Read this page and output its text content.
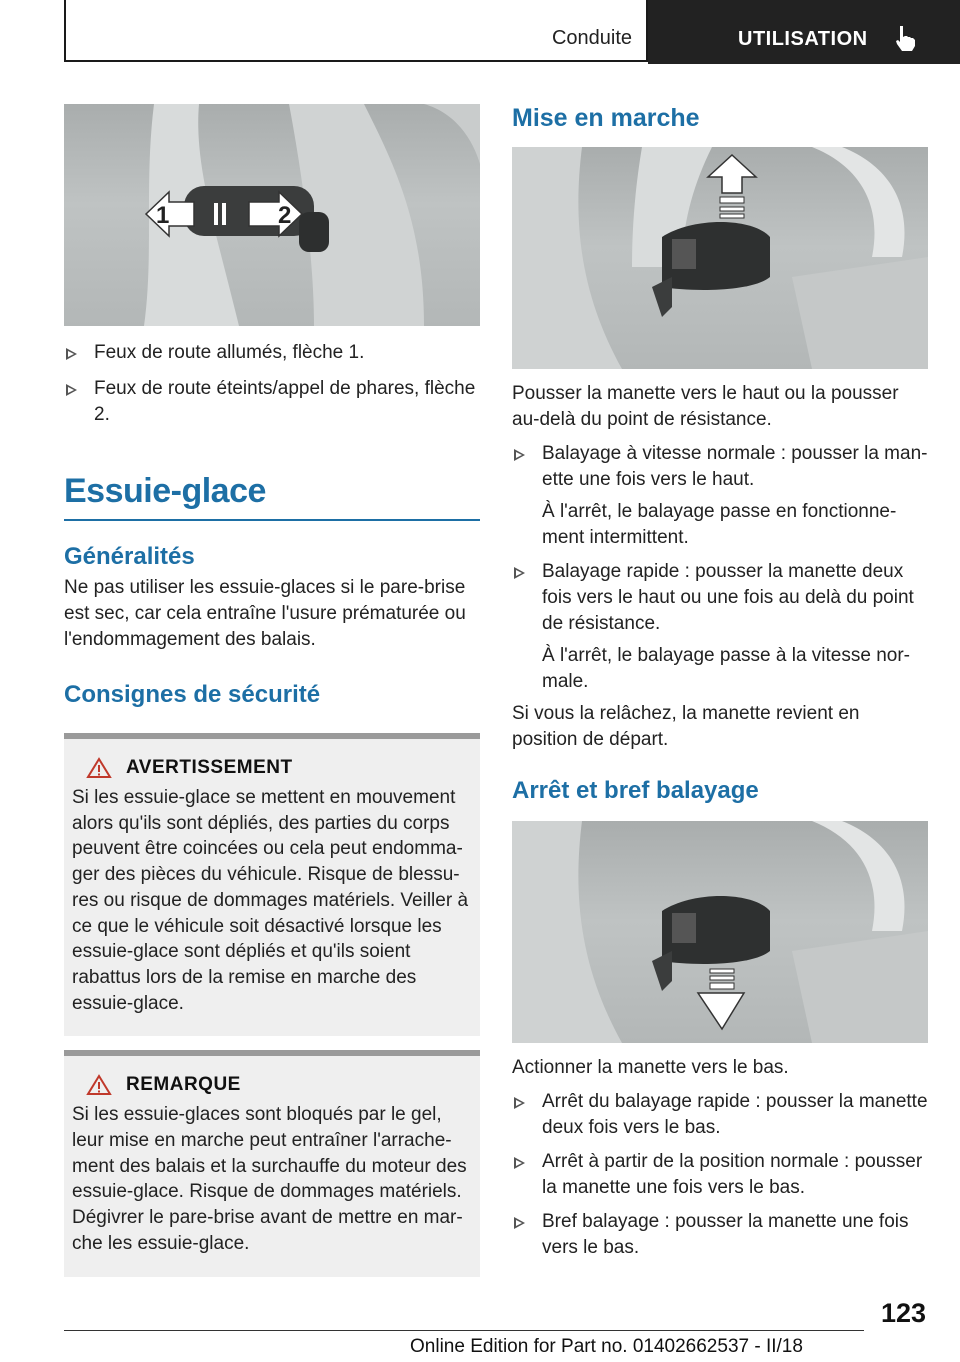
Conduite	UTILISATION
1	2
Feux de route allumés, flèche 1.
Feux de route éteints/appel de phares, flèche 2.
Essuie-glace
Généralités

Ne pas utiliser les essuie-glaces si le pare-brise est sec, car cela entraîne l'usure prématurée ou l'endommagement des balais.

Consignes de sécurité
AVERTISSEMENT
Si les essuie-glace se mettent en mouvement alors qu'ils sont dépliés, des parties du corps peuvent être coincées ou cela peut endommager des pièces du véhicule. Risque de blessures ou risque de dommages matériels. Veiller à ce que le véhicule soit désactivé lorsque les essuie-glace sont dépliés et qu'ils soient rabattus lors de la remise en marche des essuie-glace.
REMARQUE
Si les essuie-glaces sont bloqués par le gel, leur mise en marche peut entraîner l'arrachement des balais et la surchauffe du moteur des essuie-glace. Risque de dommages matériels. Dégivrer le pare-brise avant de mettre en marche les essuie-glace.
Mise en marche

Pousser la manette vers le haut ou la pousser au-delà du point de résistance.

Balayage à vitesse normale : pousser la manette une fois vers le haut.

À l'arrêt, le balayage passe en fonctionnement intermittent.

Balayage rapide : pousser la manette deux fois vers le haut ou une fois au delà du point de résistance.

À l'arrêt, le balayage passe à la vitesse normale.

Si vous la relâchez, la manette revient en position de départ.

Arrêt et bref balayage

Actionner la manette vers le bas.

Arrêt du balayage rapide : pousser la manette deux fois vers le bas.
Arrêt à partir de la position normale : pousser la manette une fois vers le bas.
Bref balayage : pousser la manette une fois vers le bas.
123
Online Edition for Part no. 01402662537 - II/18
